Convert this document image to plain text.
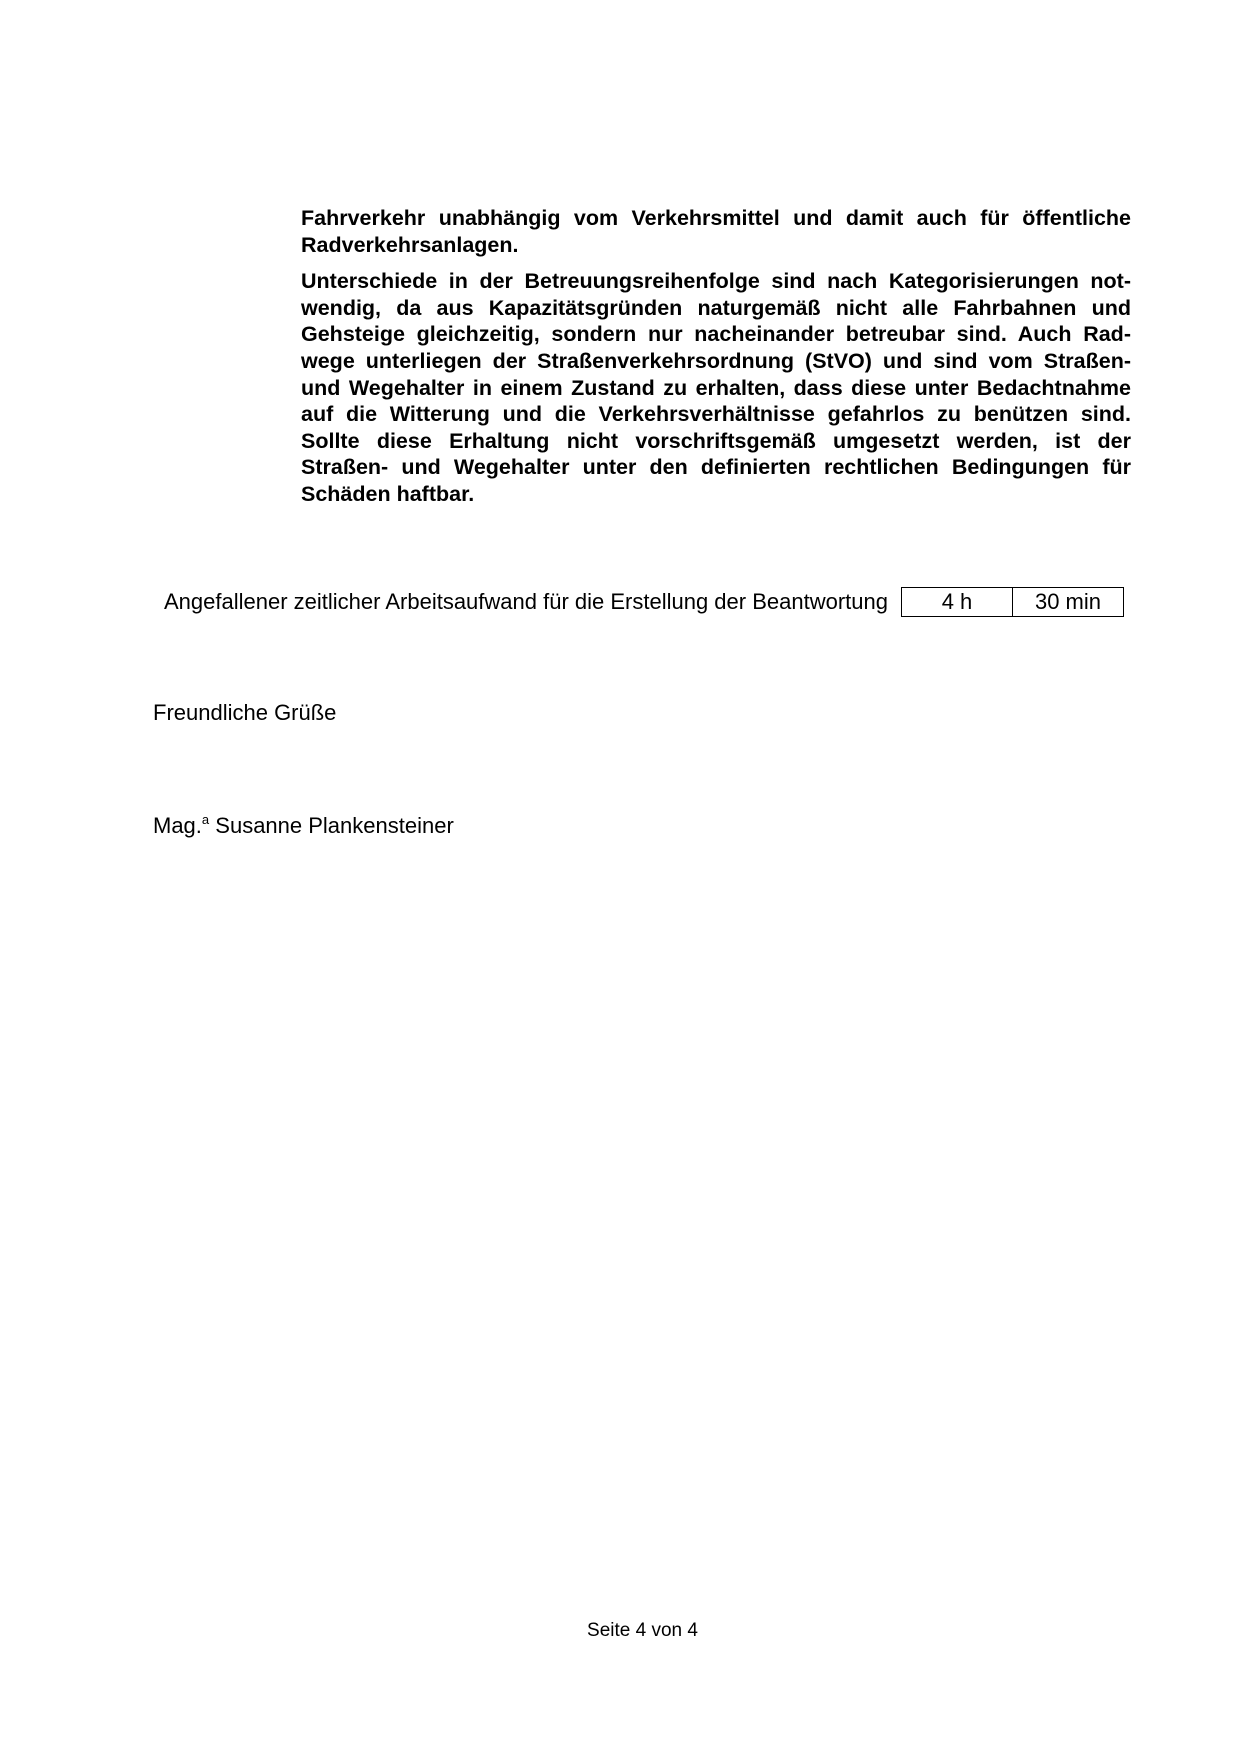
Fahrverkehr unabhängig vom Verkehrsmittel und damit auch für öffentliche Radverkehrsanlagen.

Unterschiede in der Betreuungsreihenfolge sind nach Kategorisierungen notwendig, da aus Kapazitätsgründen naturgemäß nicht alle Fahrbahnen und Gehsteige gleichzeitig, sondern nur nacheinander betreubar sind. Auch Radwege unterliegen der Straßenverkehrsordnung (StVO) und sind vom Straßen- und Wegehalter in einem Zustand zu erhalten, dass diese unter Bedachtnahme auf die Witterung und die Verkehrsverhältnisse gefahrlos zu benützen sind. Sollte diese Erhaltung nicht vorschriftsgemäß umgesetzt werden, ist der Straßen- und Wegehalter unter den definierten rechtlichen Bedingungen für Schäden haftbar.

Angefallener zeitlicher Arbeitsaufwand für die Erstellung der Beantwortung	4 h	30 min
Freundliche Grüße
Mag.$^a$ Susanne Plankensteiner
Seite 4 von 4
